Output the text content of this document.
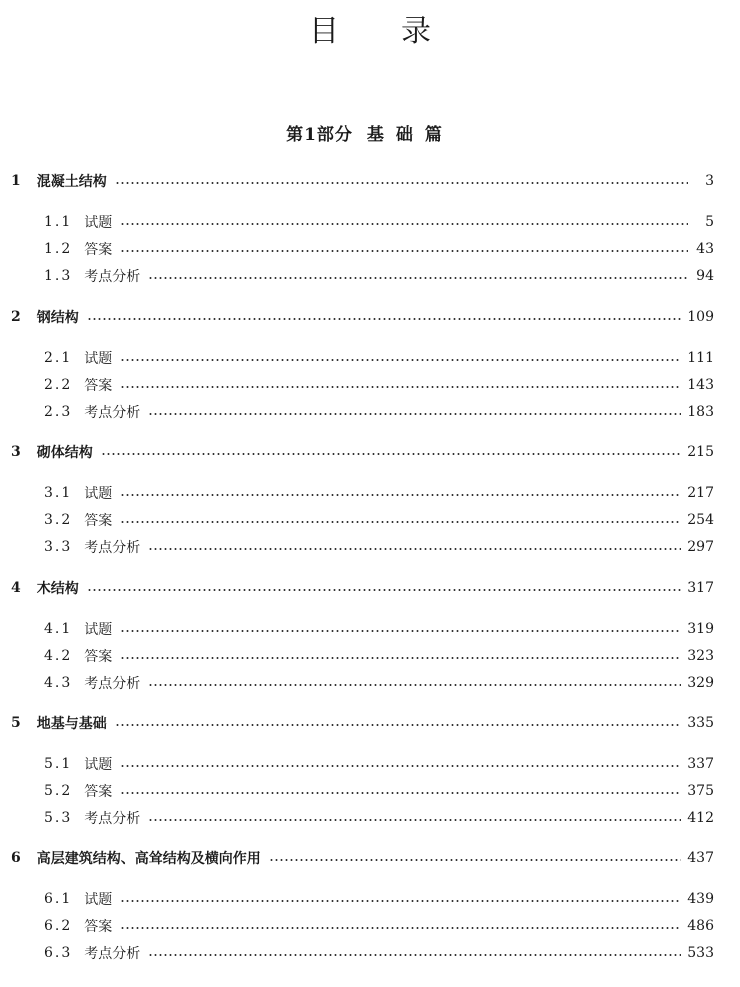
目录
第1部分 基础篇
1 混凝土结构	3
1.1 试题	5
1.2 答案	43
1.3 考点分析	94
2 钢结构	109
2.1 试题	111
2.2 答案	143
2.3 考点分析	183
3 砌体结构	215
3.1 试题	217
3.2 答案	254
3.3 考点分析	297
4 木结构	317
4.1 试题	319
4.2 答案	323
4.3 考点分析	329
5 地基与基础	335
5.1 试题	337
5.2 答案	375
5.3 考点分析	412
6 高层建筑结构、高耸结构及横向作用	437
6.1 试题	439
6.2 答案	486
6.3 考点分析	533
